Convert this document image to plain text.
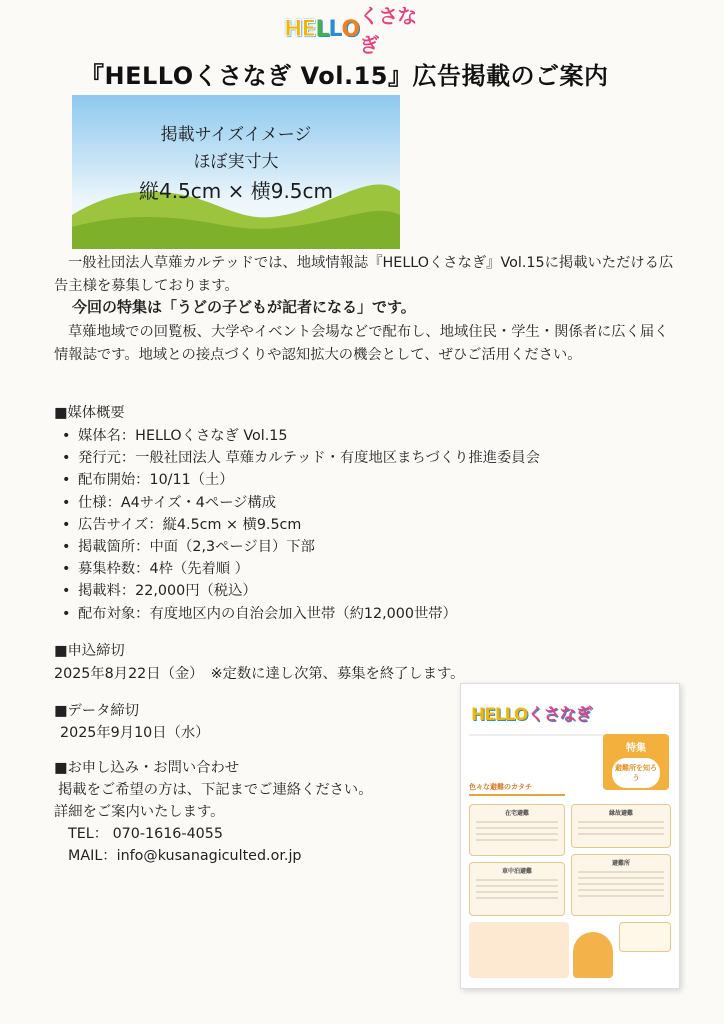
HE L L O
くさなぎ
『HELLOくさなぎ Vol.15』広告掲載のご案内
掲載サイズイメージ
ほぼ実寸大
縦4.5cm × 横9.5cm

一般社団法人草薙カルテッドでは、地域情報誌『HELLOくさなぎ』Vol.15に掲載いただける広告主様を募集しております。

今回の特集は「うどの子どもが記者になる」です。

草薙地域での回覧板、大学やイベント会場などで配布し、地域住民・学生・関係者に広く届く情報誌です。地域との接点づくりや認知拡大の機会として、ぜひご活用ください。

■媒体概要
• 媒体名：HELLOくさなぎ Vol.15
• 発行元：一般社団法人 草薙カルテッド・有度地区まちづくり推進委員会
• 配布開始：10/11（土）
• 仕様：A4サイズ・4ページ構成
• 広告サイズ：縦4.5cm × 横9.5cm
• 掲載箇所：中面（2,3ページ目）下部
• 募集枠数：4枠（先着順 ）
• 掲載料：22,000円（税込）
• 配布対象：有度地区内の自治会加入世帯（約12,000世帯）
■申込締切
2025年8月22日（金）　※定数に達し次第、募集を終了します。
■データ締切
2025年9月10日（水）
■お申し込み・お問い合わせ
掲載をご希望の方は、下記までご連絡ください。
詳細をご案内いたします。
TEL： 070-1616-4055
MAIL：info@kusanagiculted.or.jp
HELLOくさなぎ
特集
避難所を知ろう
色々な避難のカタチ
在宅避難	縁故避難
車中泊避難
避難所
